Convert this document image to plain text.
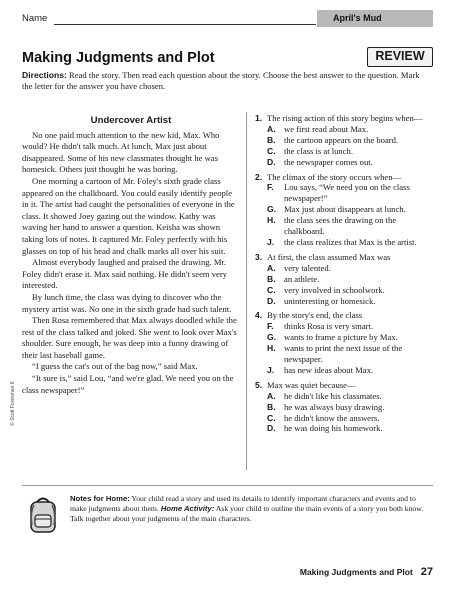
Name	April's Mud
Making Judgments and Plot	REVIEW
Directions: Read the story. Then read each question about the story. Choose the best answer to the question. Mark the letter for the answer you have chosen.
Undercover Artist

No one paid much attention to the new kid, Max. Who would? He didn't talk much. At lunch, Max just about disappeared. Some of his new classmates thought he was homesick. Others just thought he was boring.

One morning a cartoon of Mr. Foley's sixth grade class appeared on the chalkboard. You could easily identify people in it. The artist had caught the personalities of everyone in the class. It showed Joey gazing out the window. Kathy was waving her hand to answer a question. Keisha was shown taking lots of notes. It captured Mr. Foley perfectly with his glasses on top of his head and chalk marks all over his suit.

Almost everybody laughed and praised the drawing. Mr. Foley didn't erase it. Max said nothing. He didn't seem very interested.

By lunch time, the class was dying to discover who the mystery artist was. No one in the sixth grade had such talent.

Then Rosa remembered that Max always doodled while the rest of the class talked and joked. She went to look over Max's shoulder. Sure enough, he was deep into a funny drawing of their last baseball game.

“I guess the cat's out of the bag now,” said Max.

“It sure is,” said Lou, “and we're glad. We need you on the class newspaper!”

1. The rising action of this story begins when—
A. we first read about Max.
B. the cartoon appears on the board.
C. the class is at lunch.
D. the newspaper comes out.
2. The climax of the story occurs when—
F.	Lou says, “We need you on the class newspaper!”
G. Max just about disappears at lunch.
H. the class sees the drawing on the chalkboard.
J.	the class realizes that Max is the artist.
3. At first, the class assumed Max was
A. very talented.
B. an athlete.
C. very involved in schoolwork.
D. uninteresting or homesick.
4. By the story's end, the class
F.	thinks Rosa is very smart.
G. wants to frame a picture by Max.
H. wants to print the next issue of the newspaper.
J.	has new ideas about Max.
5. Max was quiet because—
A. he didn't like his classmates.
B. he was always busy drawing.
C. he didn't know the answers.
D. he was doing his homework.
© Scott Foresman 6
Notes for Home: Your child read a story and used its details to identify important characters and events and to make judgments about them. Home Activity: Ask your child to outline the main events of a story you both know. Talk together about your judgments of the main characters.
Making Judgments and Plot 27
